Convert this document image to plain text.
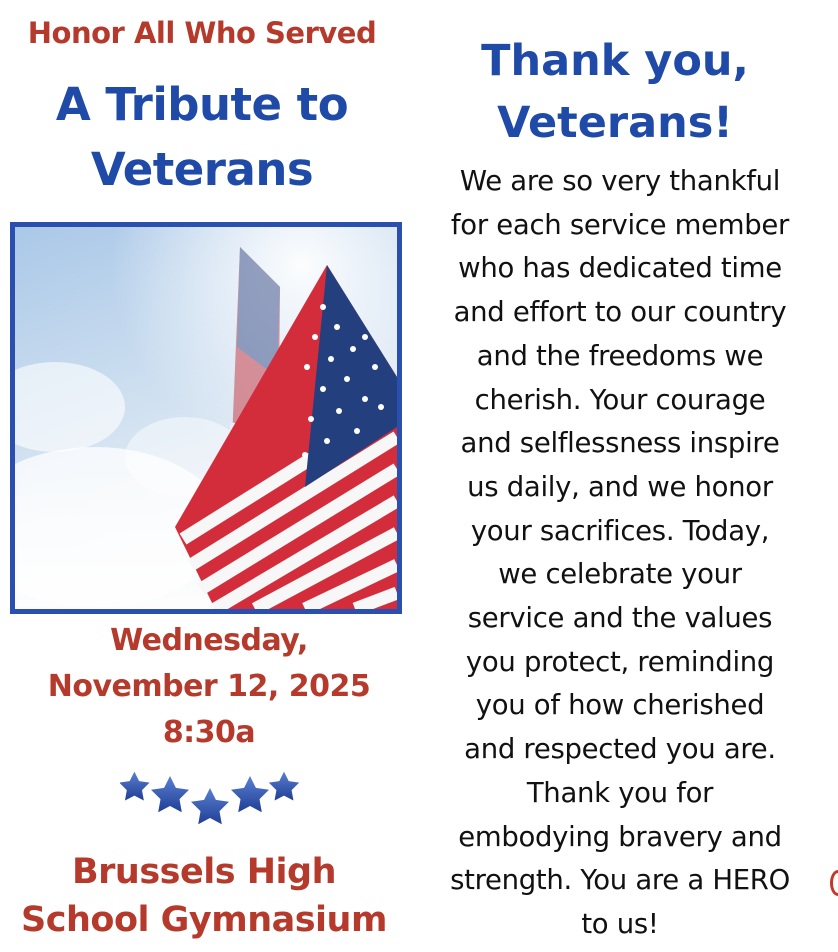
Honor All Who Served
A Tribute to Veterans
Wednesday,
November 12, 2025
8:30a
Brussels High
School Gymnasium
Thank you,
Veterans!
We are so very thankful
for each service member
who has dedicated time
and effort to our country
and the freedoms we
cherish. Your courage
and selflessness inspire
us daily, and we honor
your sacrifices. Today,
we celebrate your
service and the values
you protect, reminding
you of how cherished
and respected you are.
Thank you for
embodying bravery and
strength. You are a HERO
to us!
